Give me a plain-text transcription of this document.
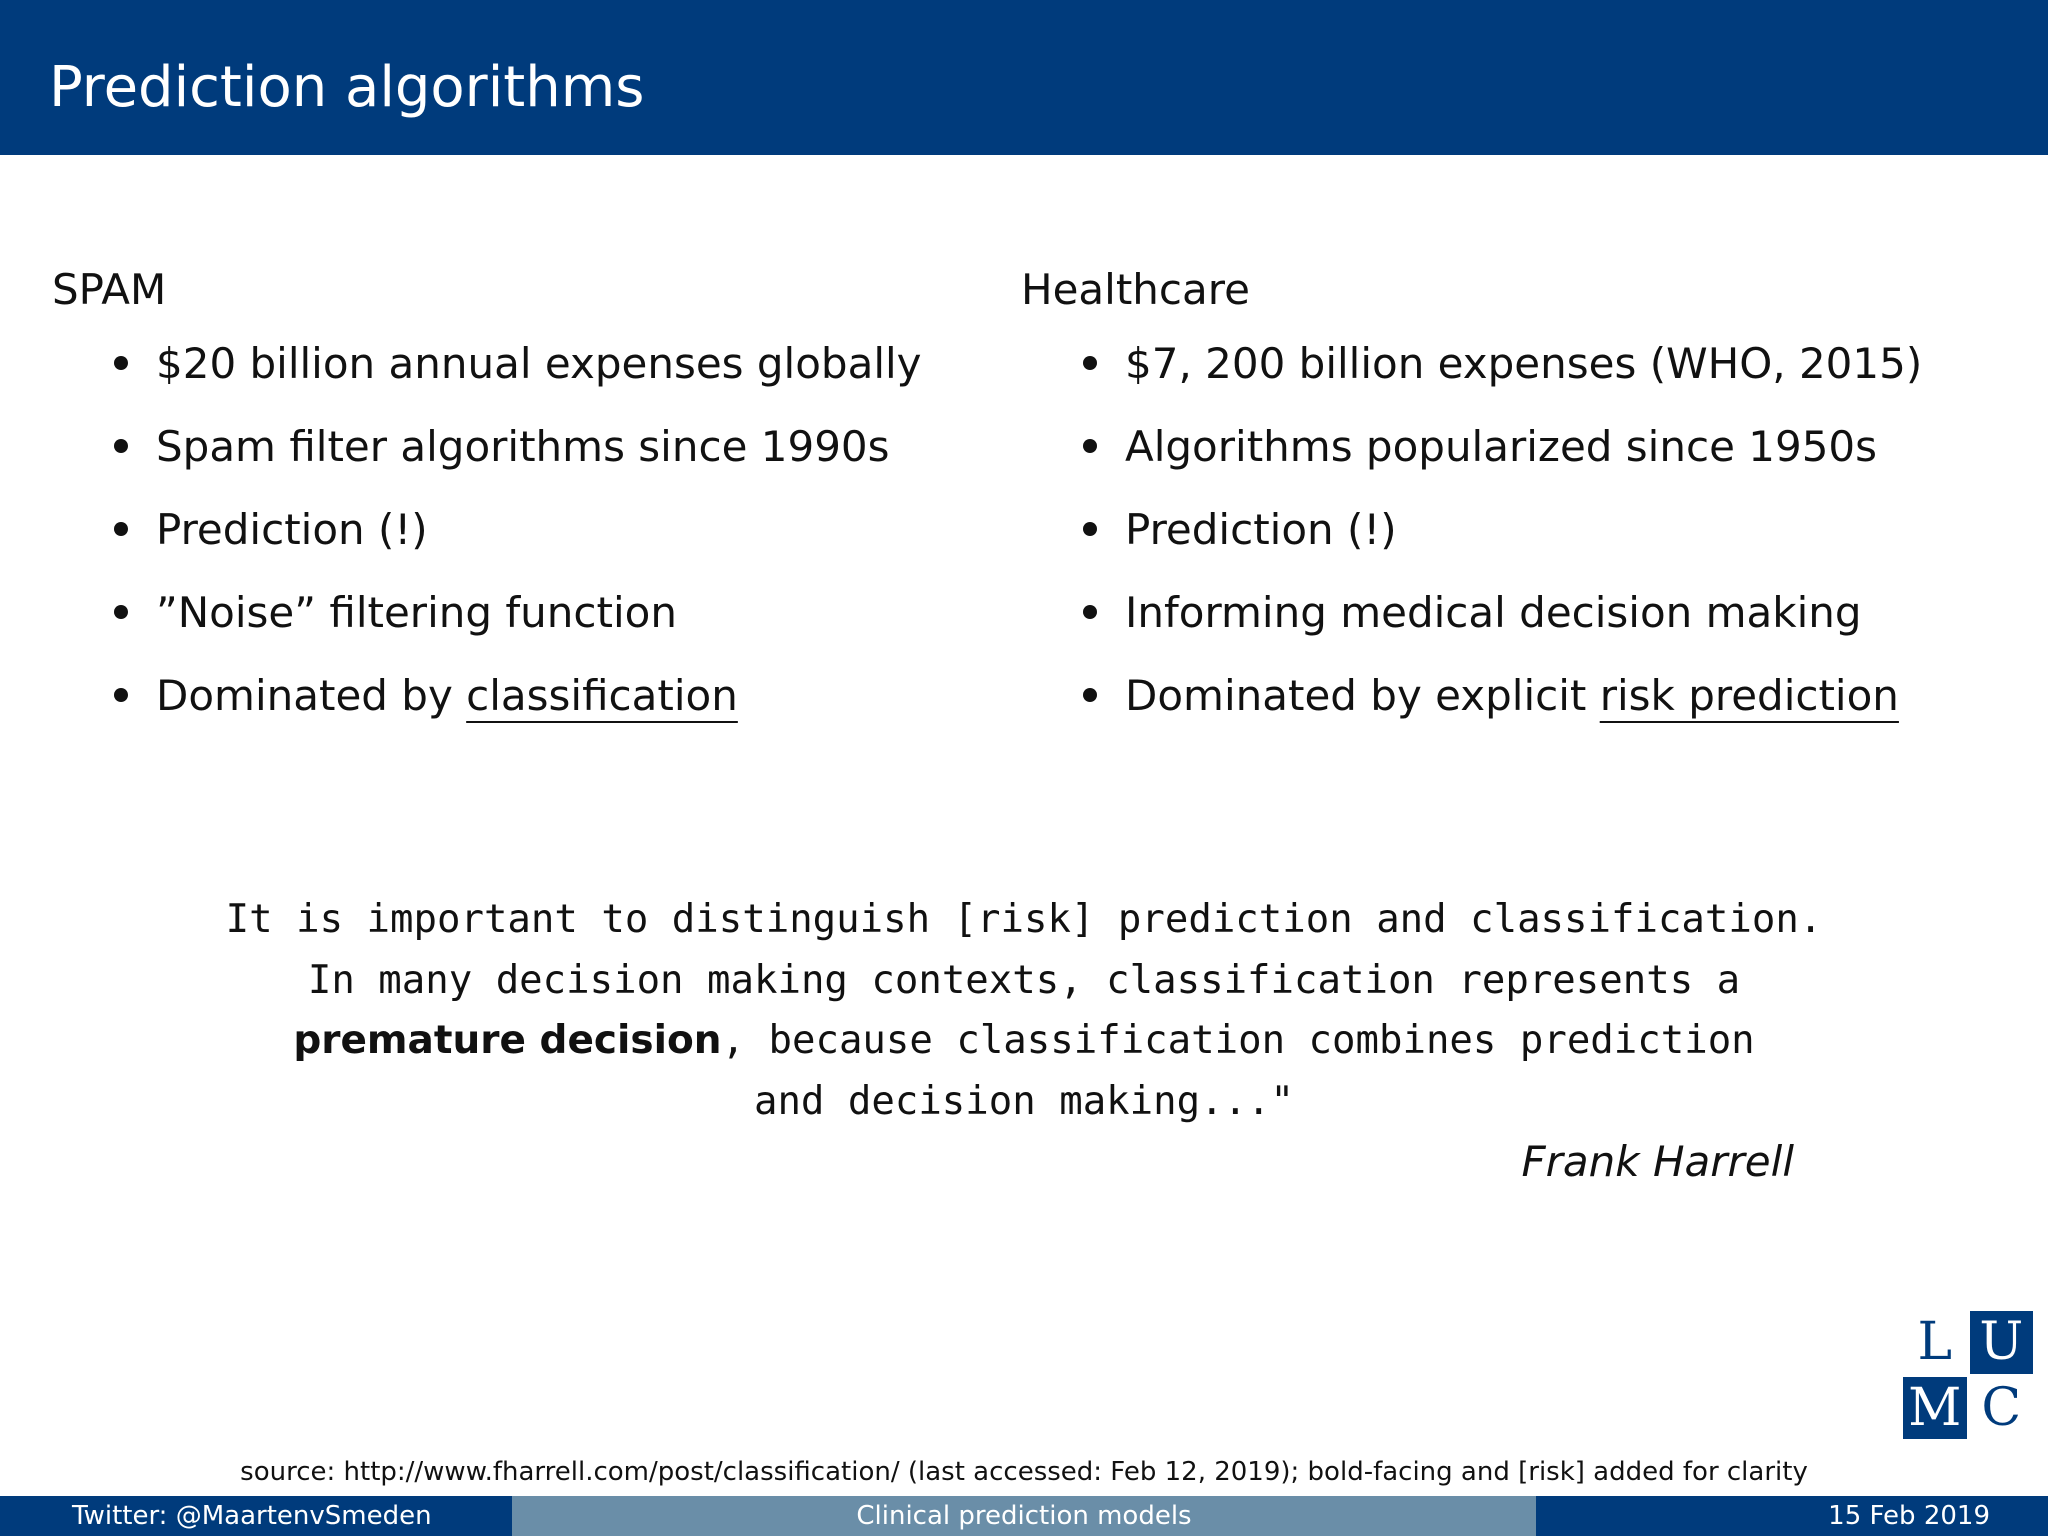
Prediction algorithms
SPAM
$20 billion annual expenses globally
Spam filter algorithms since 1990s
Prediction (!)
”Noise” filtering function
Dominated by classification
Healthcare
$7, 200 billion expenses (WHO, 2015)
Algorithms popularized since 1950s
Prediction (!)
Informing medical decision making
Dominated by explicit risk prediction
It is important to distinguish [risk] prediction and classification.
In many decision making contexts, classification represents a
premature decision, because classification combines prediction
and decision making..."
Frank Harrell
L U
M C
source: http://www.fharrell.com/post/classification/ (last accessed: Feb 12, 2019); bold-facing and [risk] added for clarity
Twitter: @MaartenvSmeden	Clinical prediction models	15 Feb 2019
